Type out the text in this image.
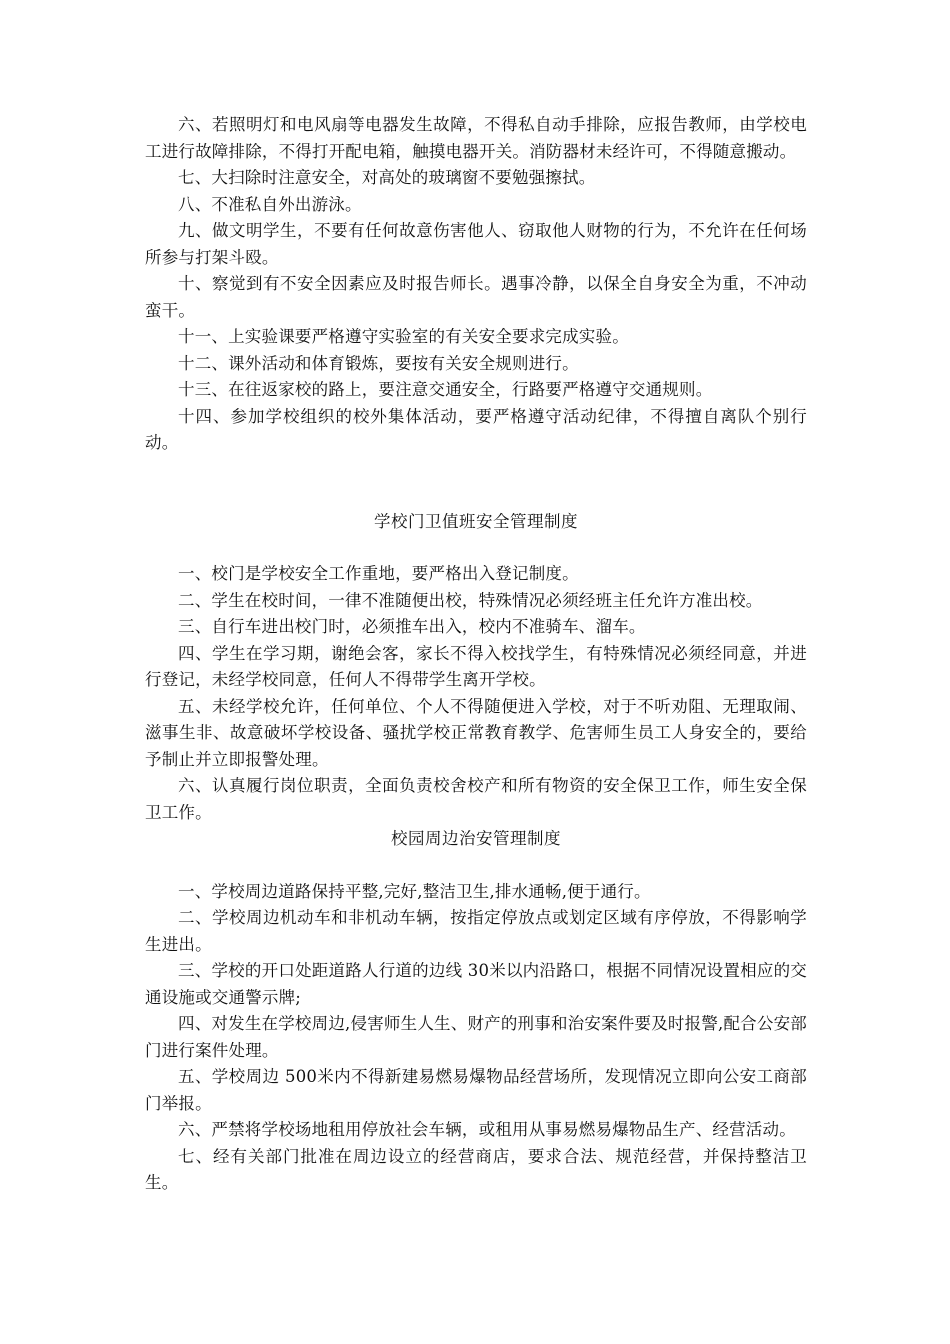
六、若照明灯和电风扇等电器发生故障，不得私自动手排除，应报告教师，由学校电工进行故障排除，不得打开配电箱，触摸电器开关。消防器材未经许可，不得随意搬动。

七、大扫除时注意安全，对高处的玻璃窗不要勉强擦拭。

八、不准私自外出游泳。

九、做文明学生，不要有任何故意伤害他人、窃取他人财物的行为，不允许在任何场所参与打架斗殴。

十、察觉到有不安全因素应及时报告师长。遇事冷静，以保全自身安全为重，不冲动蛮干。

十一、上实验课要严格遵守实验室的有关安全要求完成实验。

十二、课外活动和体育锻炼，要按有关安全规则进行。

十三、在往返家校的路上，要注意交通安全，行路要严格遵守交通规则。

十四、参加学校组织的校外集体活动，要严格遵守活动纪律，不得擅自离队个别行动。

学校门卫值班安全管理制度

一、校门是学校安全工作重地，要严格出入登记制度。

二、学生在校时间，一律不准随便出校，特殊情况必须经班主任允许方准出校。

三、自行车进出校门时，必须推车出入，校内不准骑车、溜车。

四、学生在学习期，谢绝会客，家长不得入校找学生，有特殊情况必须经同意，并进行登记，未经学校同意，任何人不得带学生离开学校。

五、未经学校允许，任何单位、个人不得随便进入学校，对于不听劝阻、无理取闹、滋事生非、故意破坏学校设备、骚扰学校正常教育教学、危害师生员工人身安全的，要给予制止并立即报警处理。

六、认真履行岗位职责，全面负责校舍校产和所有物资的安全保卫工作，师生安全保卫工作。

校园周边治安管理制度

一、学校周边道路保持平整,完好,整洁卫生,排水通畅,便于通行。

二、学校周边机动车和非机动车辆，按指定停放点或划定区域有序停放，不得影响学生进出。

三、学校的开口处距道路人行道的边线 30米以内沿路口，根据不同情况设置相应的交通设施或交通警示牌;

四、对发生在学校周边,侵害师生人生、财产的刑事和治安案件要及时报警,配合公安部门进行案件处理。

五、学校周边 500米内不得新建易燃易爆物品经营场所，发现情况立即向公安工商部门举报。

六、严禁将学校场地租用停放社会车辆，或租用从事易燃易爆物品生产、经营活动。

七、经有关部门批准在周边设立的经营商店，要求合法、规范经营，并保持整洁卫生。
